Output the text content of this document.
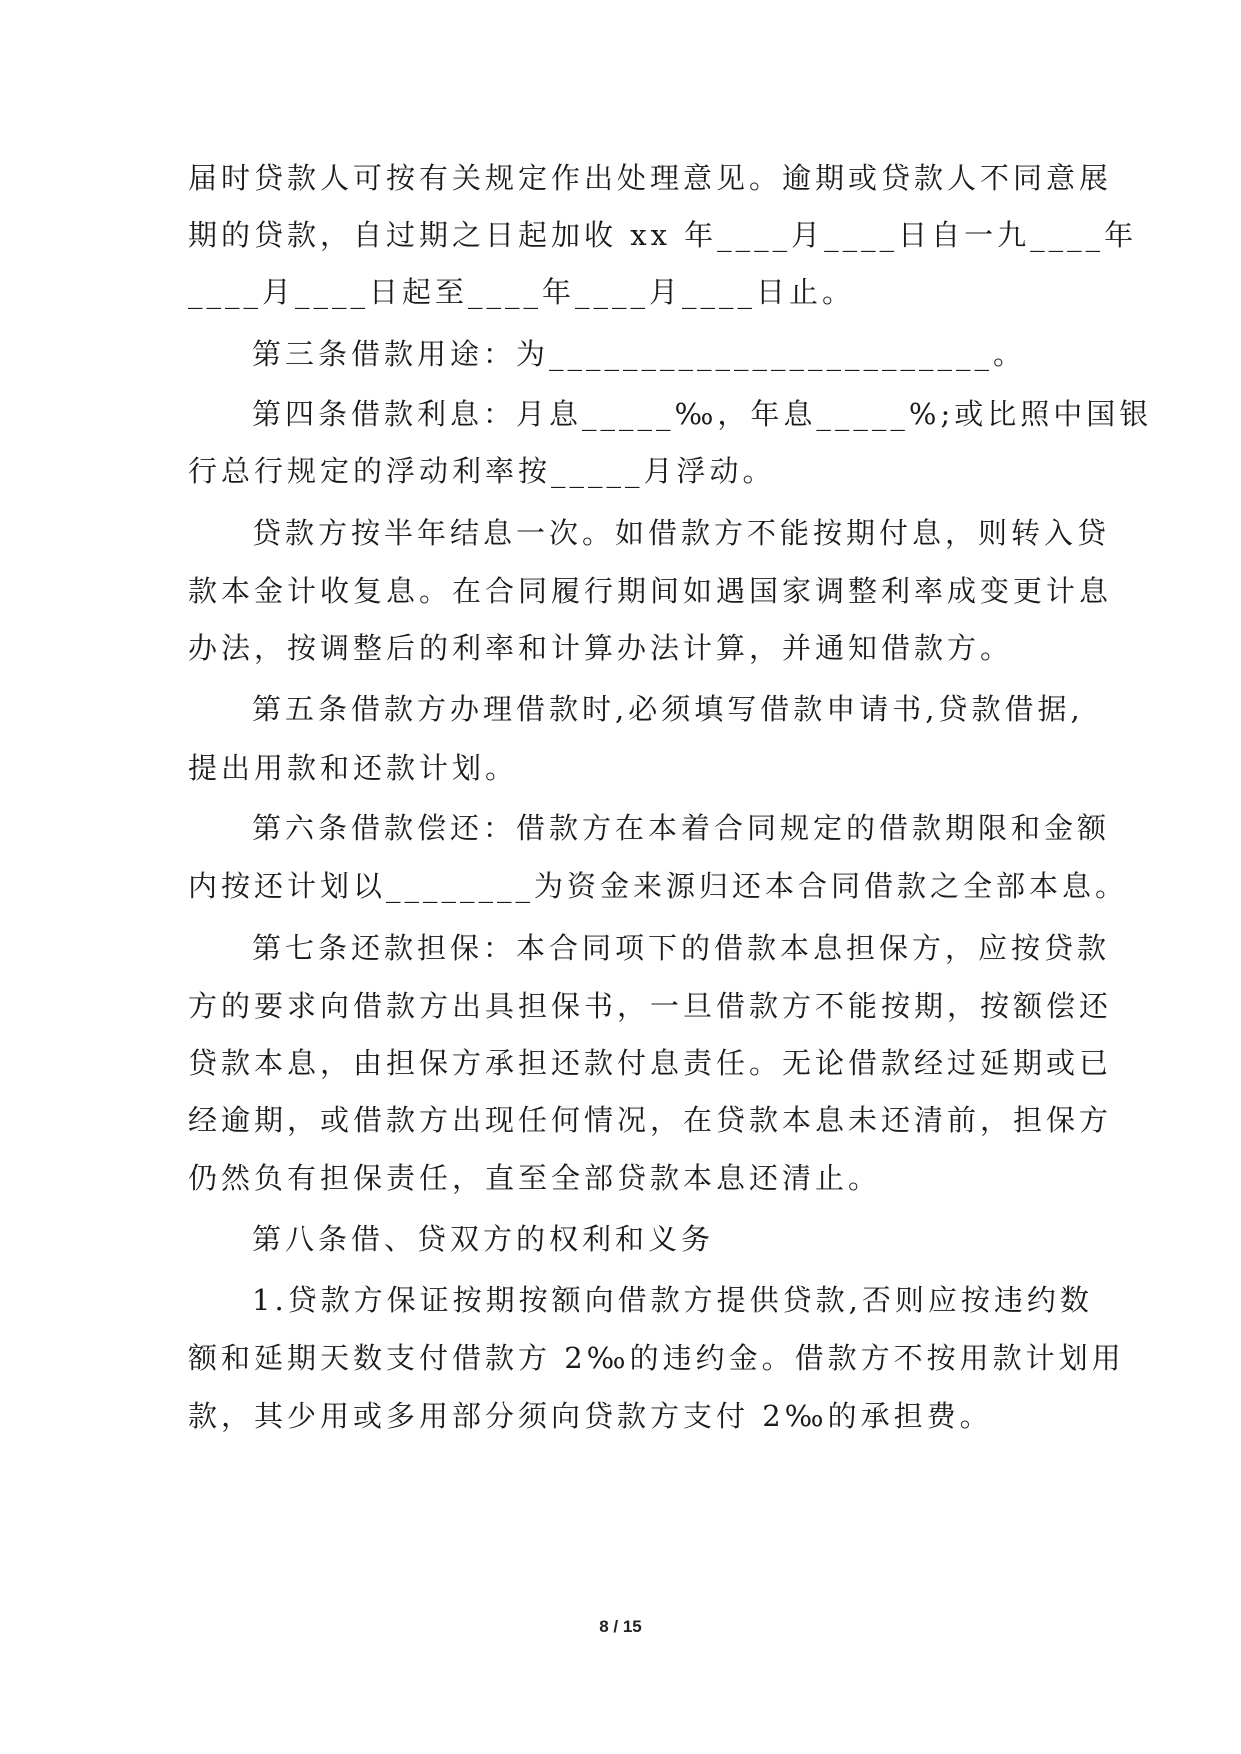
届时贷款人可按有关规定作出处理意见。逾期或贷款人不同意展
期的贷款，自过期之日起加收 xx 年____月____日自一九____年
____月____日起至____年____月____日止。
第三条借款用途：为________________________。
第四条借款利息：月息_____‰，年息_____%;或比照中国银
行总行规定的浮动利率按_____月浮动。
贷款方按半年结息一次。如借款方不能按期付息，则转入贷
款本金计收复息。在合同履行期间如遇国家调整利率成变更计息
办法，按调整后的利率和计算办法计算，并通知借款方。
第五条借款方办理借款时,必须填写借款申请书,贷款借据,
提出用款和还款计划。
第六条借款偿还：借款方在本着合同规定的借款期限和金额
内按还计划以________为资金来源归还本合同借款之全部本息。
第七条还款担保：本合同项下的借款本息担保方，应按贷款
方的要求向借款方出具担保书，一旦借款方不能按期，按额偿还
贷款本息，由担保方承担还款付息责任。无论借款经过延期或已
经逾期，或借款方出现任何情况，在贷款本息未还清前，担保方
仍然负有担保责任，直至全部贷款本息还清止。
第八条借、贷双方的权利和义务
1.贷款方保证按期按额向借款方提供贷款,否则应按违约数
额和延期天数支付借款方 2‰的违约金。借款方不按用款计划用
款，其少用或多用部分须向贷款方支付 2‰的承担费。
8 / 15
